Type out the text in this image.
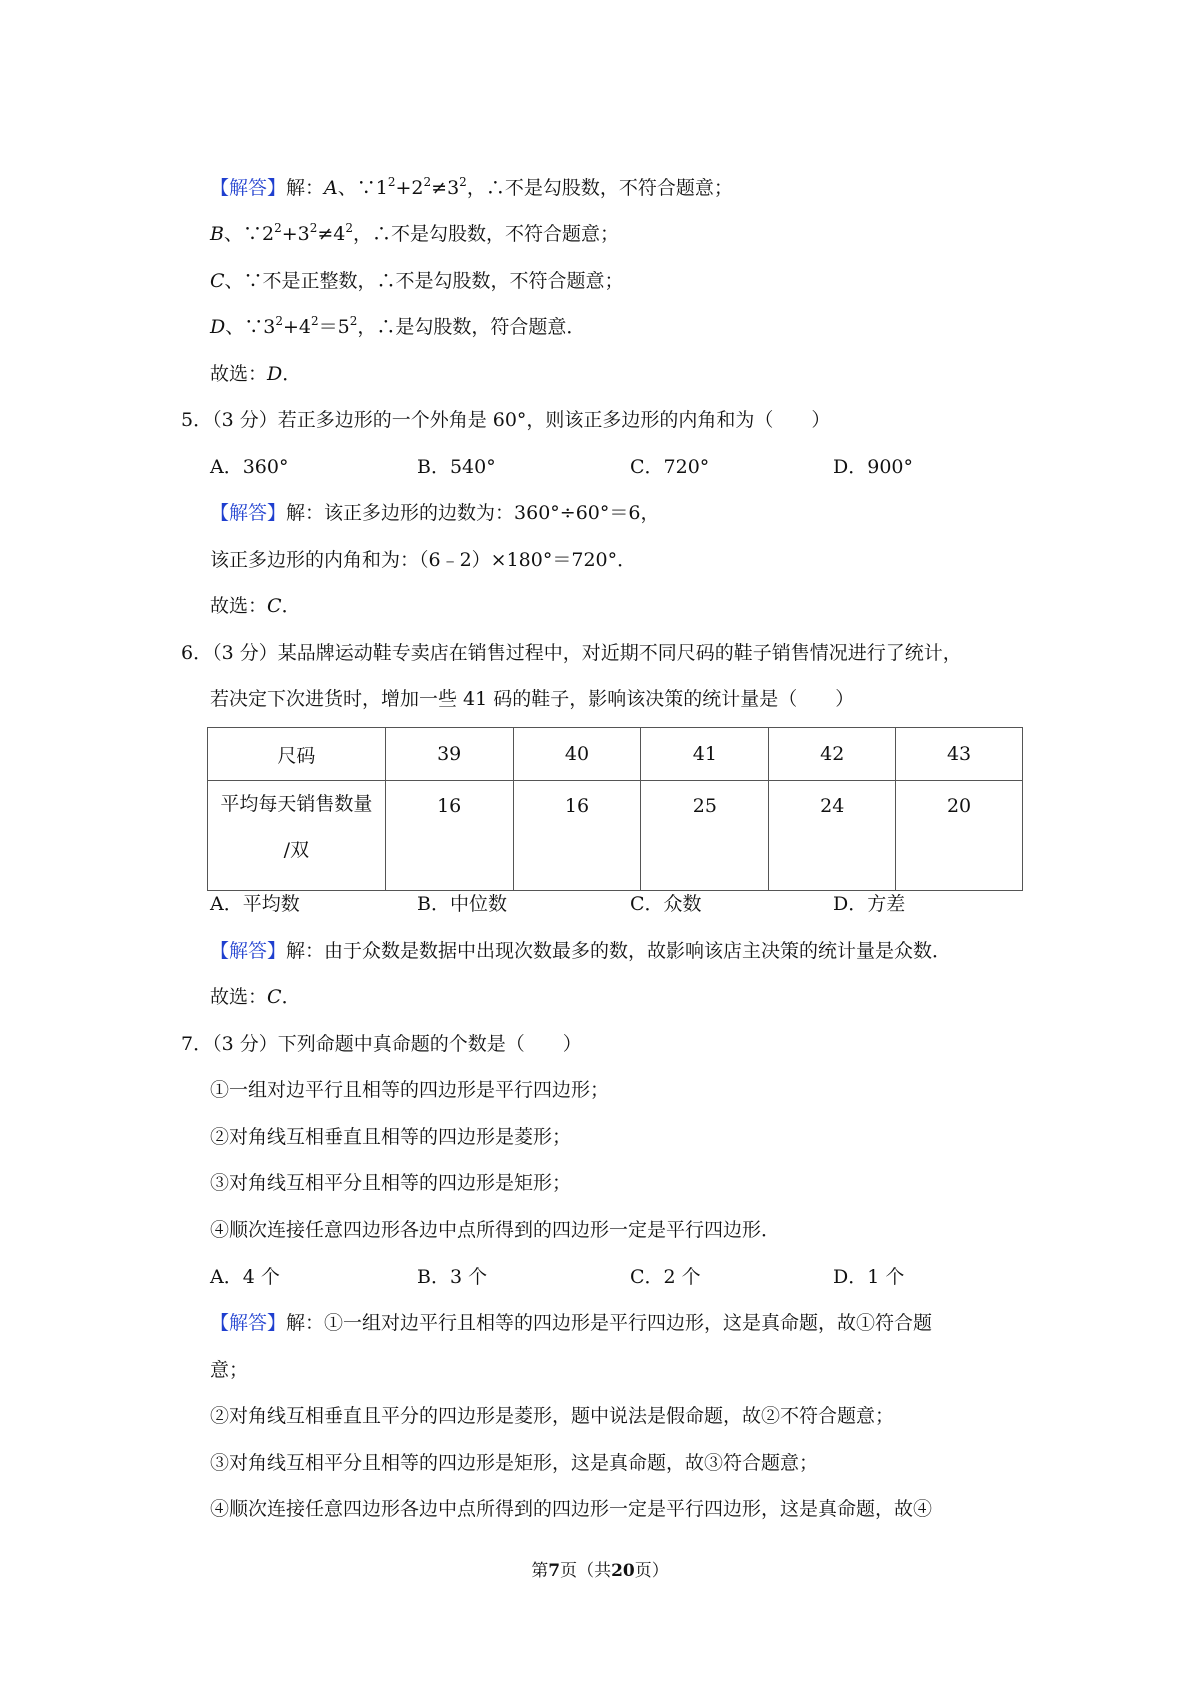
【解答】解：A、$\because 1^2+2^2\ne 3^2$，∴不是勾股数，不符合题意；
B、$\because 2^2+3^2\ne 4^2$，∴不是勾股数，不符合题意；
C、∵不是正整数，∴不是勾股数，不符合题意；
D、$\because 3^2+4^2=5^2$，∴是勾股数，符合题意．
故选：D．
5．（3 分）若正多边形的一个外角是 60°，则该正多边形的内角和为（　　）
A．360°	B．540°	C．720°	D．900°
【解答】解：该正多边形的边数为：360°÷60°＝6，
该正多边形的内角和为：（6﹣2）×180°＝720°．
故选：C．
6．（3 分）某品牌运动鞋专卖店在销售过程中，对近期不同尺码的鞋子销售情况进行了统计，
若决定下次进货时，增加一些 41 码的鞋子，影响该决策的统计量是（　　）
尺码	39	40	41	42	43

平均每天销售数量
/双	16	16	25	24	20
A．平均数	B．中位数	C．众数	D．方差
【解答】解：由于众数是数据中出现次数最多的数，故影响该店主决策的统计量是众数．
故选：C．
7．（3 分）下列命题中真命题的个数是（　　）
①一组对边平行且相等的四边形是平行四边形；
②对角线互相垂直且相等的四边形是菱形；
③对角线互相平分且相等的四边形是矩形；
④顺次连接任意四边形各边中点所得到的四边形一定是平行四边形．
A．4 个	B．3 个	C．2 个	D．1 个
【解答】解：①一组对边平行且相等的四边形是平行四边形，这是真命题，故①符合题
意；
②对角线互相垂直且平分的四边形是菱形，题中说法是假命题，故②不符合题意；
③对角线互相平分且相等的四边形是矩形，这是真命题，故③符合题意；
④顺次连接任意四边形各边中点所得到的四边形一定是平行四边形，这是真命题，故④
第7页（共20页）
